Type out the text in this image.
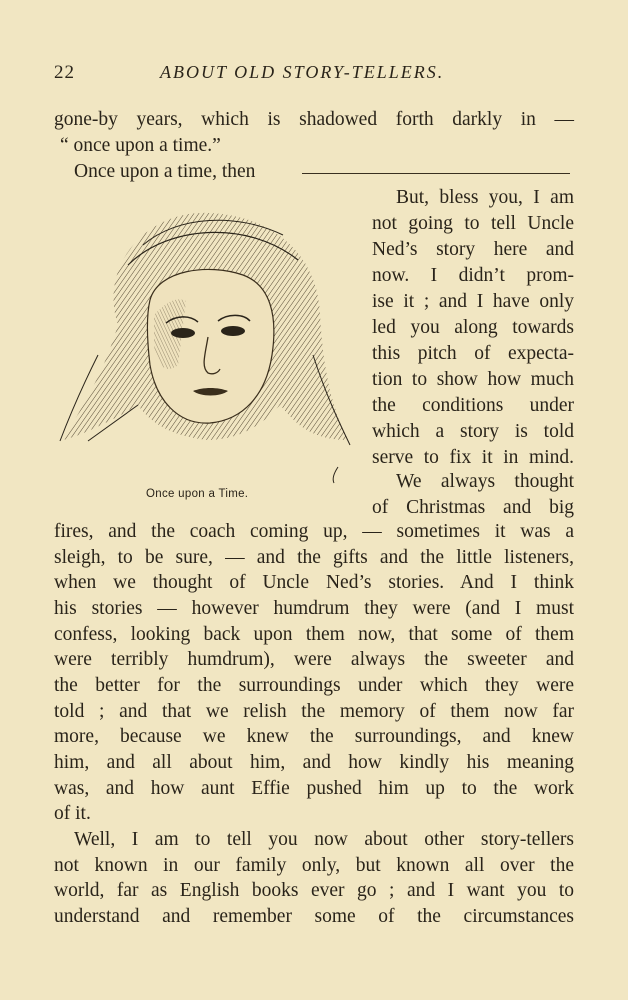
22	ABOUT OLD STORY-TELLERS.
gone-by years, which is shadowed forth darkly in —
“ once upon a time.”
Once upon a time, then
But, bless you, I am
not going to tell Uncle
Ned’s story here and
now. I didn’t prom-
ise it ; and I have only
led you along towards
this pitch of expecta-
tion to show how much
the conditions under
which a story is told
serve to fix it in mind.
We always thought
of Christmas and big
Once upon a Time.
fires, and the coach coming up, — sometimes it was a
sleigh, to be sure, — and the gifts and the little listeners,
when we thought of Uncle Ned’s stories. And I think
his stories — however humdrum they were (and I must
confess, looking back upon them now, that some of them
were terribly humdrum), were always the sweeter and
the better for the surroundings under which they were
told ; and that we relish the memory of them now far
more, because we knew the surroundings, and knew
him, and all about him, and how kindly his meaning
was, and how aunt Effie pushed him up to the work
of it.
Well, I am to tell you now about other story-tellers
not known in our family only, but known all over the
world, far as English books ever go ; and I want you to
understand and remember some of the circumstances
